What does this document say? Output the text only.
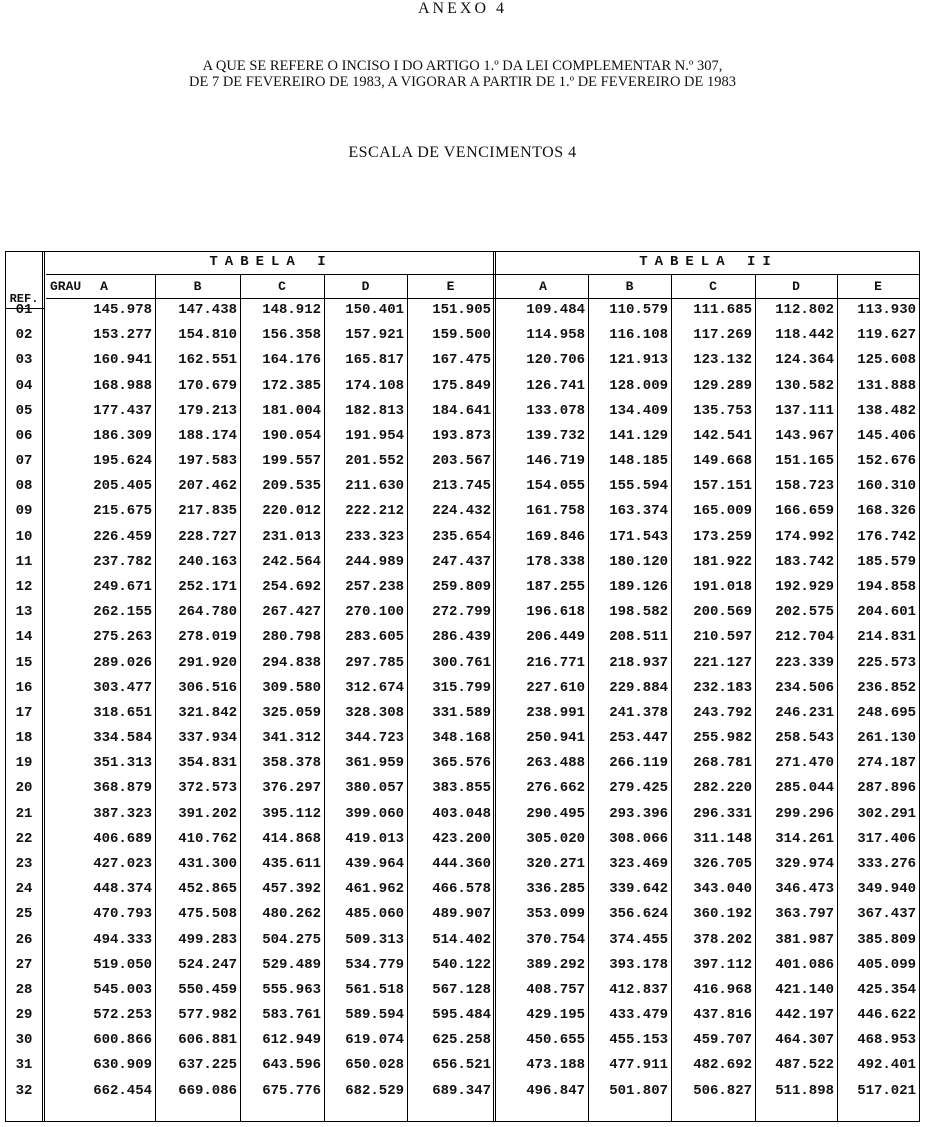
ANEXO 4
A QUE SE REFERE O INCISO I DO ARTIGO 1.º DA LEI COMPLEMENTAR N.º 307,
DE 7 DE FEVEREIRO DE 1983, A VIGORAR A PARTIR DE 1.º DE FEVEREIRO DE 1983
ESCALA DE VENCIMENTOS 4
TABELA I	TABELA II
GRAU
REF.
A	B	C	D	E	A	B	C	D	E
01	145.978	147.438	148.912	150.401	151.905	109.484	110.579	111.685	112.802	113.930
02	153.277	154.810	156.358	157.921	159.500	114.958	116.108	117.269	118.442	119.627
03	160.941	162.551	164.176	165.817	167.475	120.706	121.913	123.132	124.364	125.608
04	168.988	170.679	172.385	174.108	175.849	126.741	128.009	129.289	130.582	131.888
05	177.437	179.213	181.004	182.813	184.641	133.078	134.409	135.753	137.111	138.482
06	186.309	188.174	190.054	191.954	193.873	139.732	141.129	142.541	143.967	145.406
07	195.624	197.583	199.557	201.552	203.567	146.719	148.185	149.668	151.165	152.676
08	205.405	207.462	209.535	211.630	213.745	154.055	155.594	157.151	158.723	160.310
09	215.675	217.835	220.012	222.212	224.432	161.758	163.374	165.009	166.659	168.326
10	226.459	228.727	231.013	233.323	235.654	169.846	171.543	173.259	174.992	176.742
11	237.782	240.163	242.564	244.989	247.437	178.338	180.120	181.922	183.742	185.579
12	249.671	252.171	254.692	257.238	259.809	187.255	189.126	191.018	192.929	194.858
13	262.155	264.780	267.427	270.100	272.799	196.618	198.582	200.569	202.575	204.601
14	275.263	278.019	280.798	283.605	286.439	206.449	208.511	210.597	212.704	214.831
15	289.026	291.920	294.838	297.785	300.761	216.771	218.937	221.127	223.339	225.573
16	303.477	306.516	309.580	312.674	315.799	227.610	229.884	232.183	234.506	236.852
17	318.651	321.842	325.059	328.308	331.589	238.991	241.378	243.792	246.231	248.695
18	334.584	337.934	341.312	344.723	348.168	250.941	253.447	255.982	258.543	261.130
19	351.313	354.831	358.378	361.959	365.576	263.488	266.119	268.781	271.470	274.187
20	368.879	372.573	376.297	380.057	383.855	276.662	279.425	282.220	285.044	287.896
21	387.323	391.202	395.112	399.060	403.048	290.495	293.396	296.331	299.296	302.291
22	406.689	410.762	414.868	419.013	423.200	305.020	308.066	311.148	314.261	317.406
23	427.023	431.300	435.611	439.964	444.360	320.271	323.469	326.705	329.974	333.276
24	448.374	452.865	457.392	461.962	466.578	336.285	339.642	343.040	346.473	349.940
25	470.793	475.508	480.262	485.060	489.907	353.099	356.624	360.192	363.797	367.437
26	494.333	499.283	504.275	509.313	514.402	370.754	374.455	378.202	381.987	385.809
27	519.050	524.247	529.489	534.779	540.122	389.292	393.178	397.112	401.086	405.099
28	545.003	550.459	555.963	561.518	567.128	408.757	412.837	416.968	421.140	425.354
29	572.253	577.982	583.761	589.594	595.484	429.195	433.479	437.816	442.197	446.622
30	600.866	606.881	612.949	619.074	625.258	450.655	455.153	459.707	464.307	468.953
31	630.909	637.225	643.596	650.028	656.521	473.188	477.911	482.692	487.522	492.401
32	662.454	669.086	675.776	682.529	689.347	496.847	501.807	506.827	511.898	517.021
